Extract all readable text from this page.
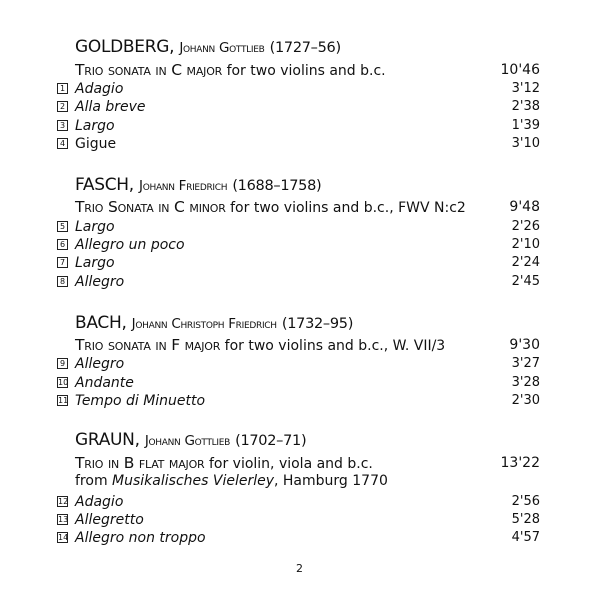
GOLDBERG, Johann Gottlieb (1727–56)
Trio sonata in C major for two violins and b.c.	10'46
1 Adagio	3'12
2 Alla breve	2'38
3 Largo	1'39
4 Gigue	3'10
FASCH, Johann Friedrich (1688–1758)
Trio Sonata in C minor for two violins and b.c., FWV N:c2	9'48
5 Largo	2'26
6 Allegro un poco	2'10
7 Largo	2'24
8 Allegro	2'45
BACH, Johann Christoph Friedrich (1732–95)
Trio sonata in F major for two violins and b.c., W. VII/3	9'30
9 Allegro	3'27
10 Andante	3'28
11 Tempo di Minuetto	2'30
GRAUN, Johann Gottlieb (1702–71)
Trio in B flat major for violin, viola and b.c.	13'22
from Musikalisches Vielerley, Hamburg 1770
12 Adagio	2'56
13 Allegretto	5'28
14 Allegro non troppo	4'57
2
